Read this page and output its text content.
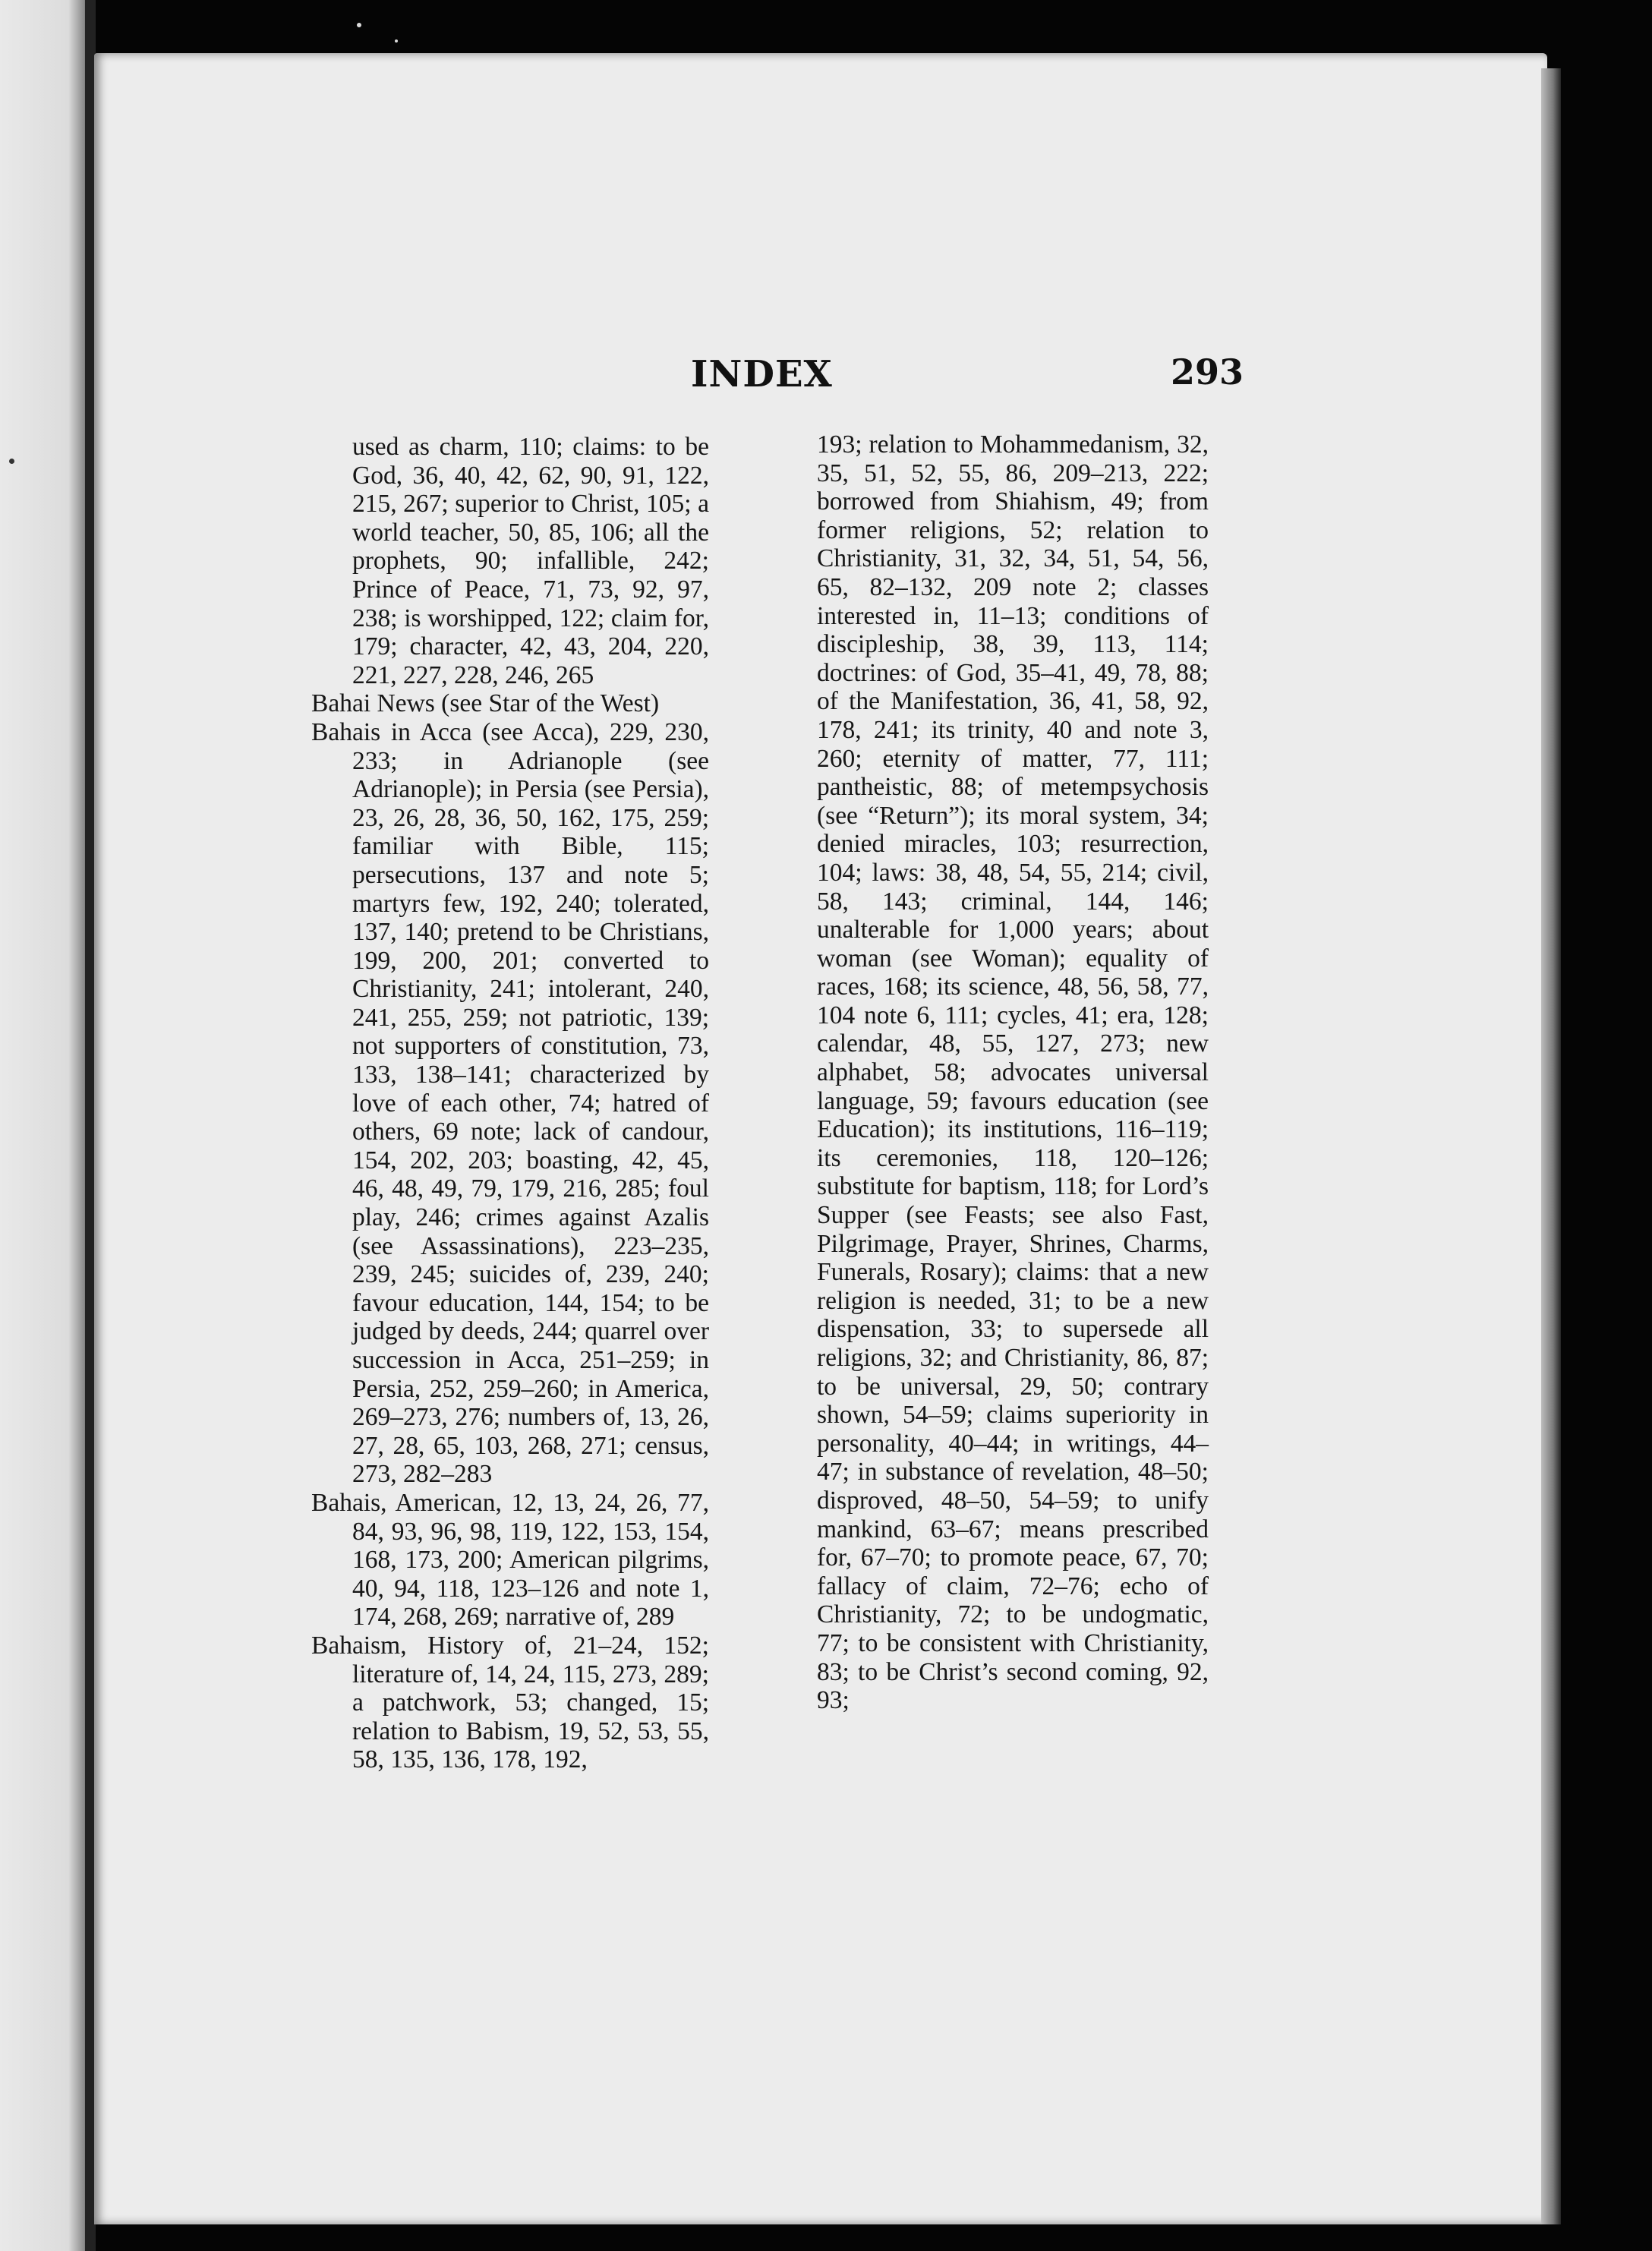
INDEX	293

used as charm, 110; claims: to be God, 36, 40, 42, 62, 90, 91, 122, 215, 267; superior to Christ, 105; a world teacher, 50, 85, 106; all the prophets, 90; infallible, 242; Prince of Peace, 71, 73, 92, 97, 238; is worshipped, 122; claim for, 179; character, 42, 43, 204, 220, 221, 227, 228, 246, 265

Bahai News (see Star of the West)

Bahais in Acca (see Acca), 229, 230, 233; in Adrianople (see Adrianople); in Persia (see Persia), 23, 26, 28, 36, 50, 162, 175, 259; familiar with Bible, 115; persecutions, 137 and note 5; martyrs few, 192, 240; tolerated, 137, 140; pretend to be Christians, 199, 200, 201; converted to Christianity, 241; intolerant, 240, 241, 255, 259; not patriotic, 139; not supporters of constitution, 73, 133, 138–141; characterized by love of each other, 74; hatred of others, 69 note; lack of candour, 154, 202, 203; boasting, 42, 45, 46, 48, 49, 79, 179, 216, 285; foul play, 246; crimes against Azalis (see Assassinations), 223–235, 239, 245; suicides of, 239, 240; favour education, 144, 154; to be judged by deeds, 244; quarrel over succession in Acca, 251–259; in Persia, 252, 259–260; in America, 269–273, 276; numbers of, 13, 26, 27, 28, 65, 103, 268, 271; census, 273, 282–283

Bahais, American, 12, 13, 24, 26, 77, 84, 93, 96, 98, 119, 122, 153, 154, 168, 173, 200; American pilgrims, 40, 94, 118, 123–126 and note 1, 174, 268, 269; narrative of, 289

Bahaism, History of, 21–24, 152; literature of, 14, 24, 115, 273, 289; a patchwork, 53; changed, 15; relation to Babism, 19, 52, 53, 55, 58, 135, 136, 178, 192,

193; relation to Mohammedanism, 32, 35, 51, 52, 55, 86, 209–213, 222; borrowed from Shiahism, 49; from former religions, 52; relation to Christianity, 31, 32, 34, 51, 54, 56, 65, 82–132, 209 note 2; classes interested in, 11–13; conditions of discipleship, 38, 39, 113, 114; doctrines: of God, 35–41, 49, 78, 88; of the Manifestation, 36, 41, 58, 92, 178, 241; its trinity, 40 and note 3, 260; eternity of matter, 77, 111; pantheistic, 88; of metempsychosis (see “Return”); its moral system, 34; denied miracles, 103; resurrection, 104; laws: 38, 48, 54, 55, 214; civil, 58, 143; criminal, 144, 146; unalterable for 1,000 years; about woman (see Woman); equality of races, 168; its science, 48, 56, 58, 77, 104 note 6, 111; cycles, 41; era, 128; calendar, 48, 55, 127, 273; new alphabet, 58; advocates universal language, 59; favours education (see Education); its institutions, 116–119; its ceremonies, 118, 120–126; substitute for baptism, 118; for Lord’s Supper (see Feasts; see also Fast, Pilgrimage, Prayer, Shrines, Charms, Funerals, Rosary); claims: that a new religion is needed, 31; to be a new dispensation, 33; to supersede all religions, 32; and Christianity, 86, 87; to be universal, 29, 50; contrary shown, 54–59; claims superiority in personality, 40–44; in writings, 44–47; in substance of revelation, 48–50; disproved, 48–50, 54–59; to unify mankind, 63–67; means prescribed for, 67–70; to promote peace, 67, 70; fallacy of claim, 72–76; echo of Christianity, 72; to be undogmatic, 77; to be consistent with Christianity, 83; to be Christ’s second coming, 92, 93;
